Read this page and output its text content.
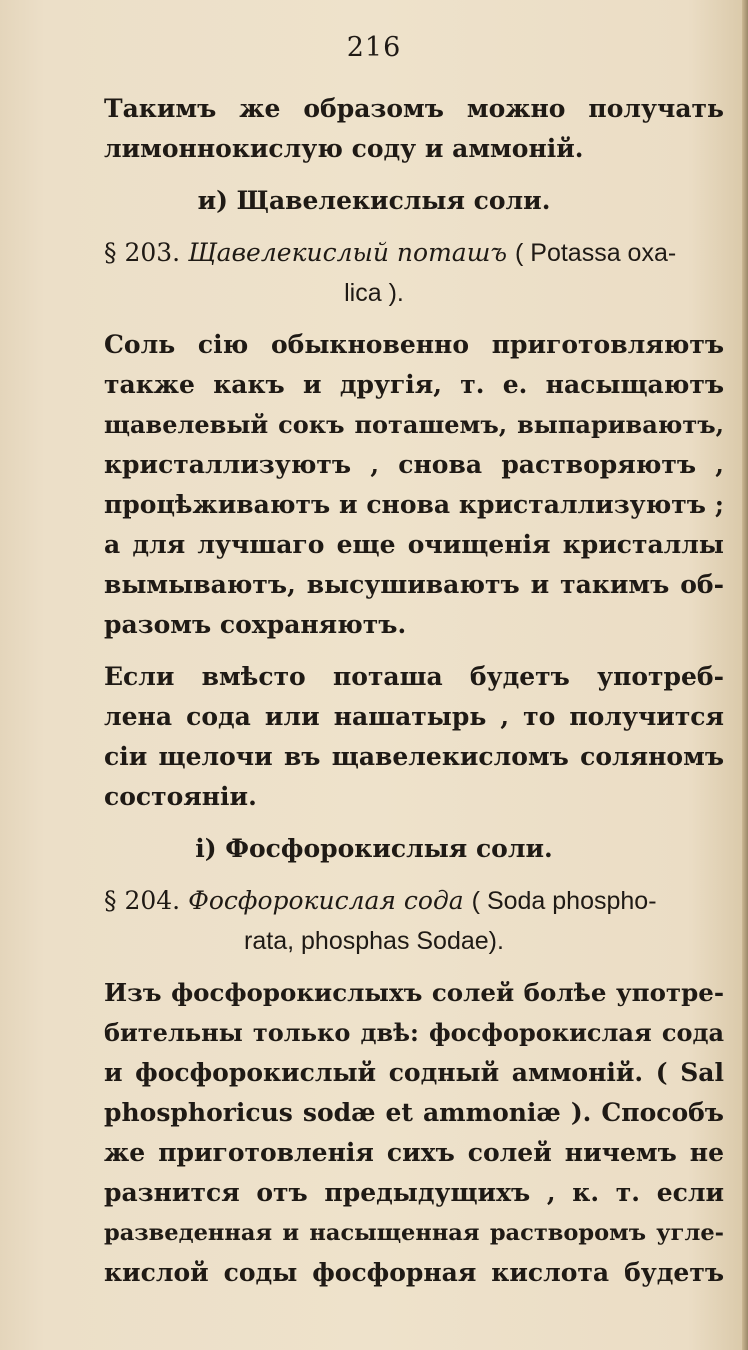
216
Такимъ же образомъ можно получать
лимоннокислую соду и аммоній.
и) Щавелекислыя соли.
§ 203. Щавелекислый поташъ ( Potassa oxa-
lica ).
Соль сію обыкновенно приготовляютъ
также какъ и другія, т. е. насыщаютъ
щавелевый сокъ поташемъ, выпариваютъ,
кристаллизуютъ , снова растворяютъ ,
процѣживаютъ и снова кристаллизуютъ ;
а для лучшаго еще очищенія кристаллы
вымываютъ, высушиваютъ и такимъ об-
разомъ сохраняютъ.
Если вмѣсто поташа будетъ употреб-
лена сода или нашатырь , то получится
сіи щелочи въ щавелекисломъ соляномъ
состояніи.
і) Фосфорокислыя соли.
§ 204. Фосфорокислая сода ( Soda phospho-
rata, phosphas Sodae).
Изъ фосфорокислыхъ солей болѣе употре-
бительны только двѣ: фосфорокислая сода
и фосфорокислый содный аммоній. ( Sal
phosphoricus sodæ et ammoniæ ). Способъ
же приготовленія сихъ солей ничемъ не
разнится отъ предыдущихъ , к. т. если
разведенная и насыщенная растворомъ угле-
кислой соды фосфорная кислота будетъ
